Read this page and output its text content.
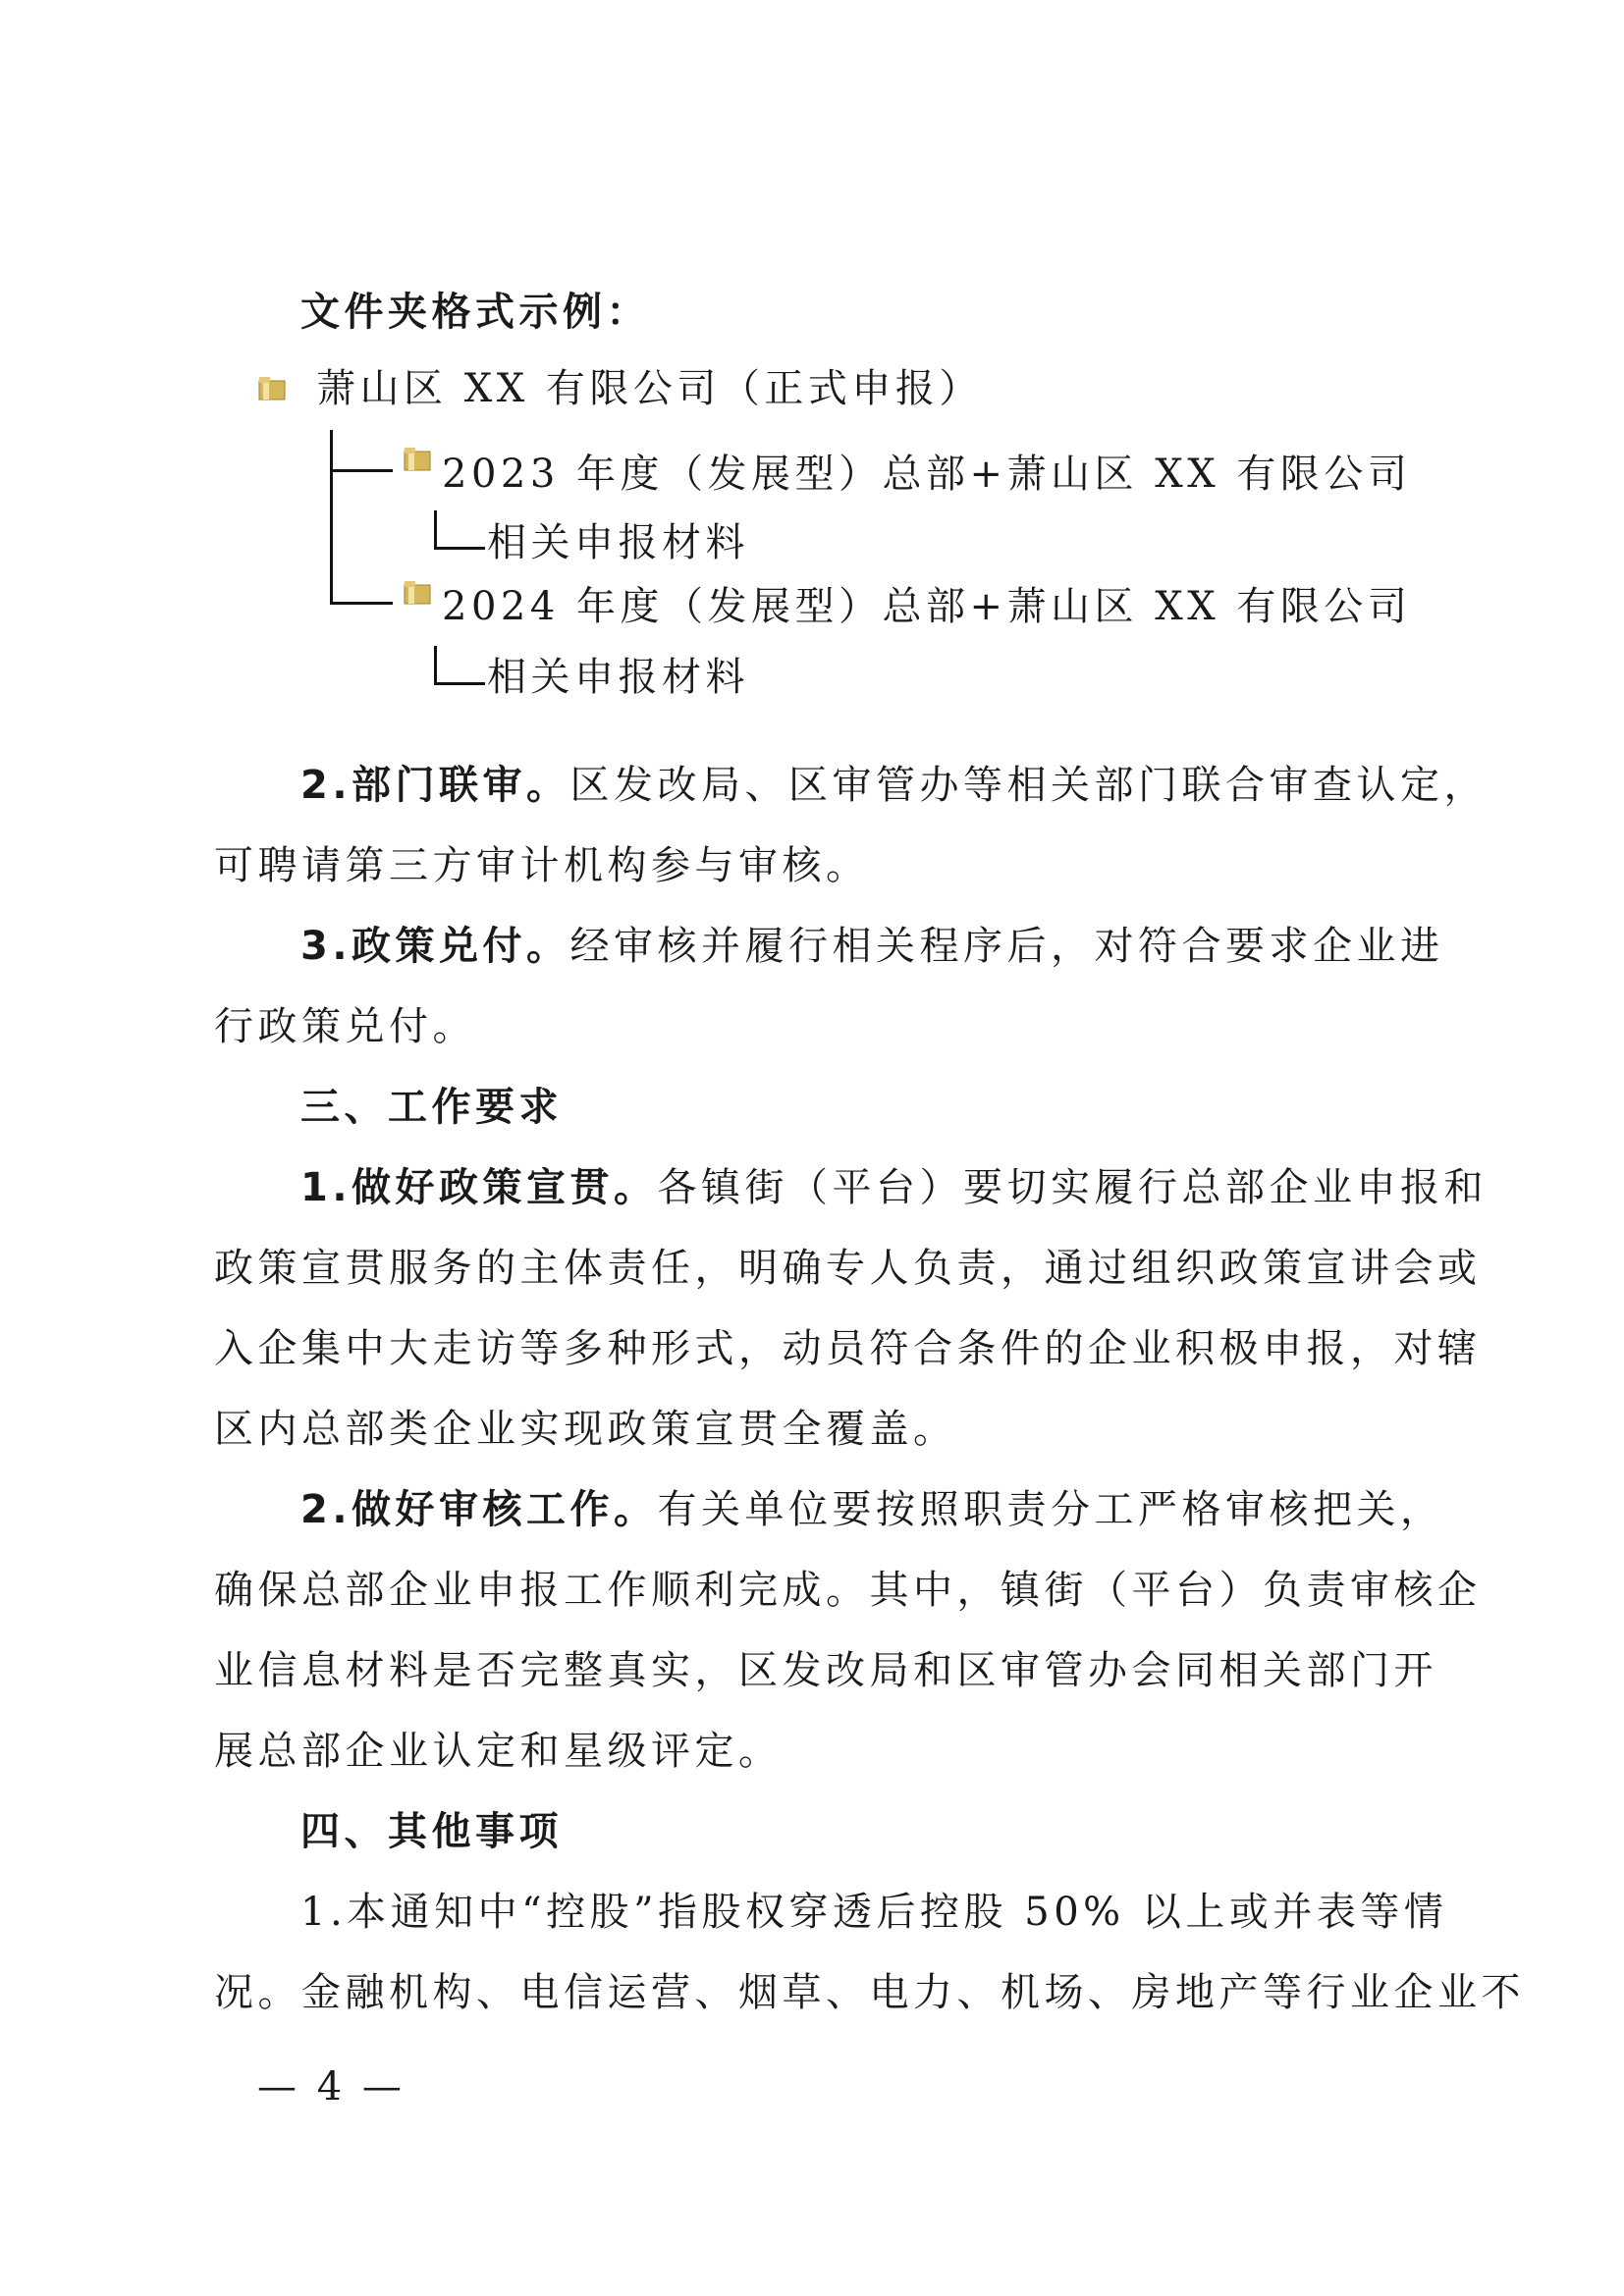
文件夹格式示例：
萧山区 XX 有限公司（正式申报）
2023 年度（发展型）总部+萧山区 XX 有限公司
相关申报材料
2024 年度（发展型）总部+萧山区 XX 有限公司
相关申报材料
2.部门联审。区发改局、区审管办等相关部门联合审查认定，
可聘请第三方审计机构参与审核。
3.政策兑付。经审核并履行相关程序后，对符合要求企业进
行政策兑付。
三、工作要求
1.做好政策宣贯。各镇街（平台）要切实履行总部企业申报和
政策宣贯服务的主体责任，明确专人负责，通过组织政策宣讲会或
入企集中大走访等多种形式，动员符合条件的企业积极申报，对辖
区内总部类企业实现政策宣贯全覆盖。
2.做好审核工作。有关单位要按照职责分工严格审核把关，
确保总部企业申报工作顺利完成。其中，镇街（平台）负责审核企
业信息材料是否完整真实，区发改局和区审管办会同相关部门开
展总部企业认定和星级评定。
四、其他事项
1.本通知中“控股”指股权穿透后控股 50% 以上或并表等情
况。金融机构、电信运营、烟草、电力、机场、房地产等行业企业不
— 4 —
